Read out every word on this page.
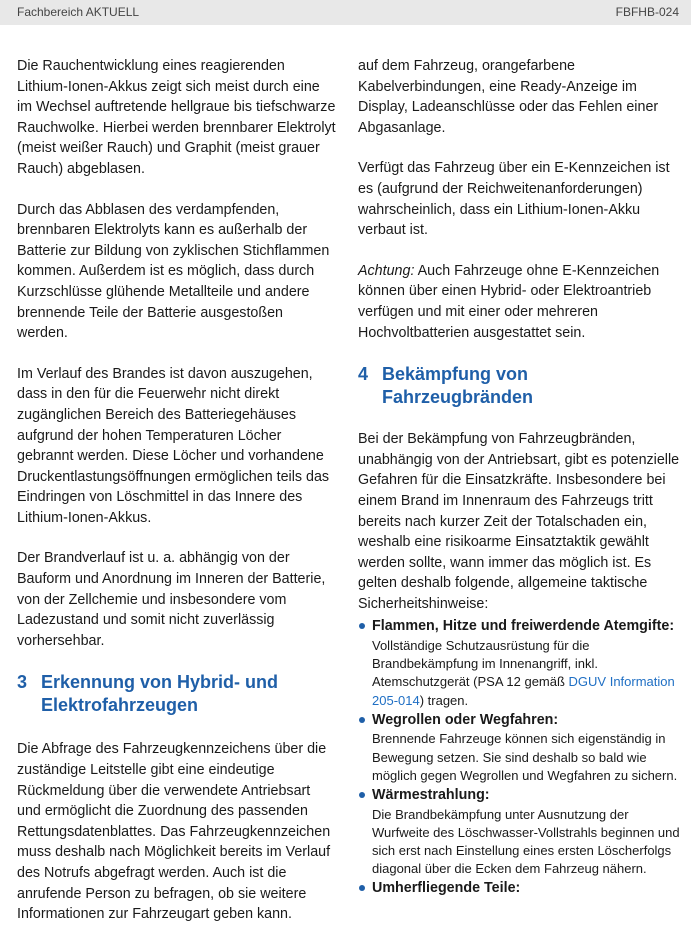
Fachbereich AKTUELL	FBFHB-024

Die Rauchentwicklung eines reagierenden Lithium-Ionen-Akkus zeigt sich meist durch eine im Wechsel auftretende hellgraue bis tiefschwarze Rauchwolke. Hierbei werden brennbarer Elektrolyt (meist weißer Rauch) und Graphit (meist grauer Rauch) abgeblasen.

Durch das Abblasen des verdampfenden, brennbaren Elektrolyts kann es außerhalb der Batterie zur Bildung von zyklischen Stichflammen kommen. Außerdem ist es möglich, dass durch Kurzschlüsse glühende Metallteile und andere brennende Teile der Batterie ausgestoßen werden.

Im Verlauf des Brandes ist davon auszugehen, dass in den für die Feuerwehr nicht direkt zugänglichen Bereich des Batteriegehäuses aufgrund der hohen Temperaturen Löcher gebrannt werden. Diese Löcher und vorhandene Druckentlastungsöffnungen ermöglichen teils das Eindringen von Löschmittel in das Innere des Lithium-Ionen-Akkus.

Der Brandverlauf ist u. a. abhängig von der Bauform und Anordnung im Inneren der Batterie, von der Zellchemie und insbesondere vom Ladezustand und somit nicht zuverlässig vorhersehbar.

3 Erkennung von Hybrid- und Elektrofahrzeugen

Die Abfrage des Fahrzeugkennzeichens über die zuständige Leitstelle gibt eine eindeutige Rückmeldung über die verwendete Antriebsart und ermöglicht die Zuordnung des passenden Rettungsdatenblattes. Das Fahrzeugkennzeichen muss deshalb nach Möglichkeit bereits im Verlauf des Notrufs abgefragt werden. Auch ist die anrufende Person zu befragen, ob sie weitere Informationen zur Fahrzeugart geben kann.

auf dem Fahrzeug, orangefarbene Kabelverbindungen, eine Ready-Anzeige im Display, Ladeanschlüsse oder das Fehlen einer Abgasanlage.

Verfügt das Fahrzeug über ein E-Kennzeichen ist es (aufgrund der Reichweitenanforderungen) wahrscheinlich, dass ein Lithium-Ionen-Akku verbaut ist.

Achtung: Auch Fahrzeuge ohne E-Kennzeichen können über einen Hybrid- oder Elektroantrieb verfügen und mit einer oder mehreren Hochvoltbatterien ausgestattet sein.

4 Bekämpfung von Fahrzeugbränden

Bei der Bekämpfung von Fahrzeugbränden, unabhängig von der Antriebsart, gibt es potenzielle Gefahren für die Einsatzkräfte. Insbesondere bei einem Brand im Innenraum des Fahrzeugs tritt bereits nach kurzer Zeit der Totalschaden ein, weshalb eine risikoarme Einsatztaktik gewählt werden sollte, wann immer das möglich ist. Es gelten deshalb folgende, allgemeine taktische Sicherheitshinweise:

Flammen, Hitze und freiwerdende Atemgifte:
Vollständige Schutzausrüstung für die Brandbekämpfung im Innenangriff, inkl. Atemschutzgerät (PSA 12 gemäß DGUV Information 205-014) tragen.
Wegrollen oder Wegfahren:
Brennende Fahrzeuge können sich eigenständig in Bewegung setzen. Sie sind deshalb so bald wie möglich gegen Wegrollen und Wegfahren zu sichern.
Wärmestrahlung:
Die Brandbekämpfung unter Ausnutzung der Wurfweite des Löschwasser-Vollstrahls beginnen und sich erst nach Einstellung eines ersten Löscherfolgs diagonal über die Ecken dem Fahrzeug nähern.
Umherfliegende Teile:
